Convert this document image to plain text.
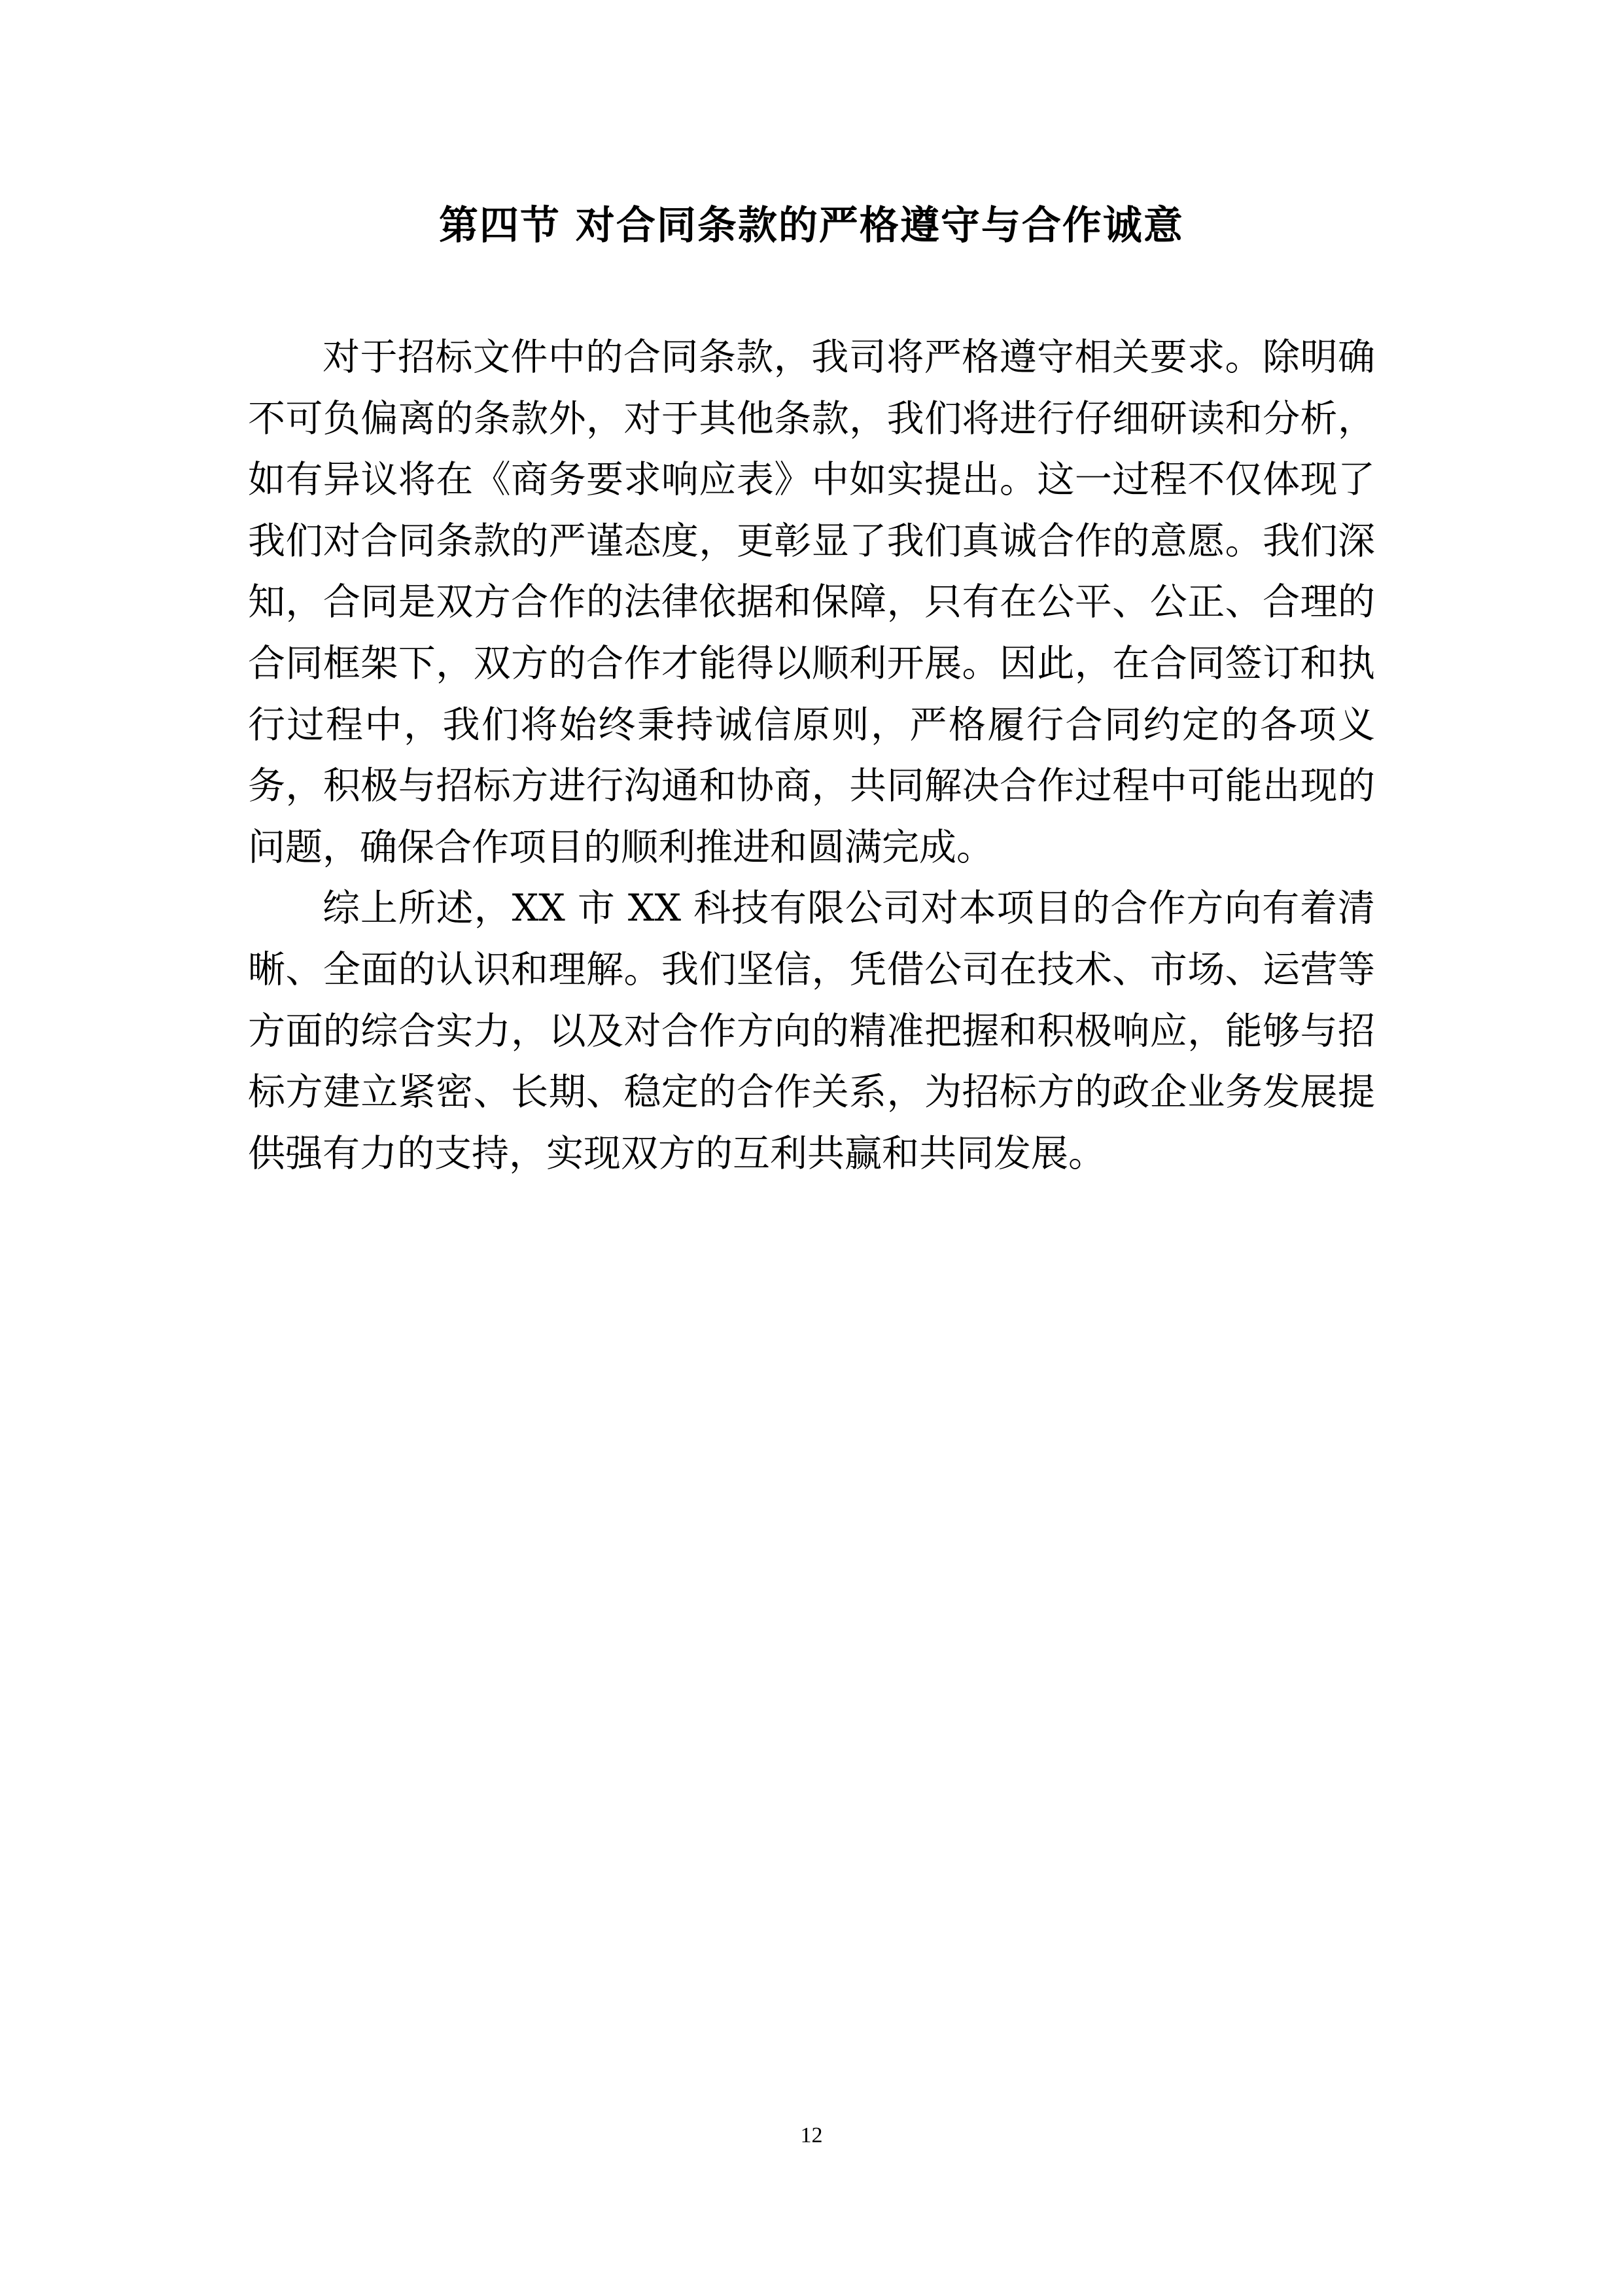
第四节 对合同条款的严格遵守与合作诚意

对于招标文件中的合同条款，我司将严格遵守相关要求。除明确不可负偏离的条款外，对于其他条款，我们将进行仔细研读和分析，如有异议将在《商务要求响应表》中如实提出。这一过程不仅体现了我们对合同条款的严谨态度，更彰显了我们真诚合作的意愿。我们深知，合同是双方合作的法律依据和保障，只有在公平、公正、合理的合同框架下，双方的合作才能得以顺利开展。因此，在合同签订和执行过程中，我们将始终秉持诚信原则，严格履行合同约定的各项义务，积极与招标方进行沟通和协商，共同解决合作过程中可能出现的问题，确保合作项目的顺利推进和圆满完成。

综上所述，XX 市 XX 科技有限公司对本项目的合作方向有着清晰、全面的认识和理解。我们坚信，凭借公司在技术、市场、运营等方面的综合实力，以及对合作方向的精准把握和积极响应，能够与招标方建立紧密、长期、稳定的合作关系，为招标方的政企业务发展提供强有力的支持，实现双方的互利共赢和共同发展。

12
